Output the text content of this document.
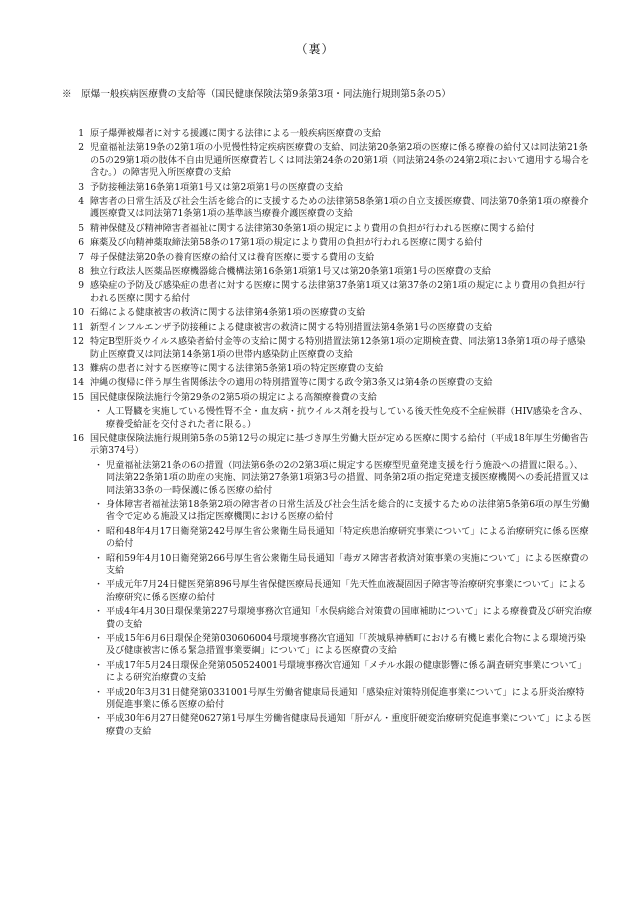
（裏）
※　原爆一般疾病医療費の支給等（国民健康保険法第9条第3項・同法施行規則第5条の5）
1 原子爆弾被爆者に対する援護に関する法律による一般疾病医療費の支給
2 児童福祉法第19条の2第1項の小児慢性特定疾病医療費の支給、同法第20条第2項の医療に係る療養の給付又は同法第21条の5の29第1項の肢体不自由児通所医療費若しくは同法第24条の20第1項（同法第24条の24第2項において適用する場合を含む。）の障害児入所医療費の支給
3 予防接種法第16条第1項第1号又は第2項第1号の医療費の支給
4 障害者の日常生活及び社会生活を総合的に支援するための法律第58条第1項の自立支援医療費、同法第70条第1項の療養介護医療費又は同法第71条第1項の基準該当療養介護医療費の支給
5 精神保健及び精神障害者福祉に関する法律第30条第1項の規定により費用の負担が行われる医療に関する給付
6 麻薬及び向精神薬取締法第58条の17第1項の規定により費用の負担が行われる医療に関する給付
7 母子保健法第20条の養育医療の給付又は養育医療に要する費用の支給
8 独立行政法人医薬品医療機器総合機構法第16条第1項第1号又は第20条第1項第1号の医療費の支給
9 感染症の予防及び感染症の患者に対する医療に関する法律第37条第1項又は第37条の2第1項の規定により費用の負担が行われる医療に関する給付
10 石綿による健康被害の救済に関する法律第4条第1項の医療費の支給
11 新型インフルエンザ予防接種による健康被害の救済に関する特別措置法第4条第1号の医療費の支給
12 特定B型肝炎ウイルス感染者給付金等の支給に関する特別措置法第12条第1項の定期検査費、同法第13条第1項の母子感染防止医療費又は同法第14条第1項の世帯内感染防止医療費の支給
13 難病の患者に対する医療等に関する法律第5条第1項の特定医療費の支給
14 沖縄の復帰に伴う厚生省関係法令の適用の特別措置等に関する政令第3条又は第4条の医療費の支給
15 国民健康保険法施行令第29条の2第5項の規定による高額療養費の支給
・ 人工腎臓を実施している慢性腎不全・血友病・抗ウイルス剤を投与している後天性免疫不全症候群（HIV感染を含み、療養受給証を交付された者に限る。）
16 国民健康保険法施行規則第5条の5第12号の規定に基づき厚生労働大臣が定める医療に関する給付（平成18年厚生労働省告示第374号）
・ 児童福祉法第21条の6の措置（同法第6条の2の2第3項に規定する医療型児童発達支援を行う施設への措置に限る。）、同法第22条第1項の助産の実施、同法第27条第1項第3号の措置、同条第2項の指定発達支援医療機関への委託措置又は同法第33条の一時保護に係る医療の給付
・ 身体障害者福祉法第18条第2項の障害者の日常生活及び社会生活を総合的に支援するための法律第5条第6項の厚生労働省令で定める施設又は指定医療機関における医療の給付
・ 昭和48年4月17日衛発第242号厚生省公衆衛生局長通知「特定疾患治療研究事業について」による治療研究に係る医療の給付
・ 昭和59年4月10日衛発第266号厚生省公衆衛生局長通知「毒ガス障害者救済対策事業の実施について」による医療費の支給
・ 平成元年7月24日健医発第896号厚生省保健医療局長通知「先天性血液凝固因子障害等治療研究事業について」による治療研究に係る医療の給付
・ 平成4年4月30日環保業第227号環境事務次官通知「水俣病総合対策費の国庫補助について」による療養費及び研究治療費の支給
・ 平成15年6月6日環保企発第030606004号環境事務次官通知「「茨城県神栖町における有機ヒ素化合物による環境汚染及び健康被害に係る緊急措置事業要綱」について」による医療費の支給
・ 平成17年5月24日環保企発第050524001号環境事務次官通知「メチル水銀の健康影響に係る調査研究事業について」による研究治療費の支給
・ 平成20年3月31日健発第0331001号厚生労働省健康局長通知「感染症対策特別促進事業について」による肝炎治療特別促進事業に係る医療の給付
・ 平成30年6月27日健発0627第1号厚生労働省健康局長通知「肝がん・重度肝硬変治療研究促進事業について」による医療費の支給
